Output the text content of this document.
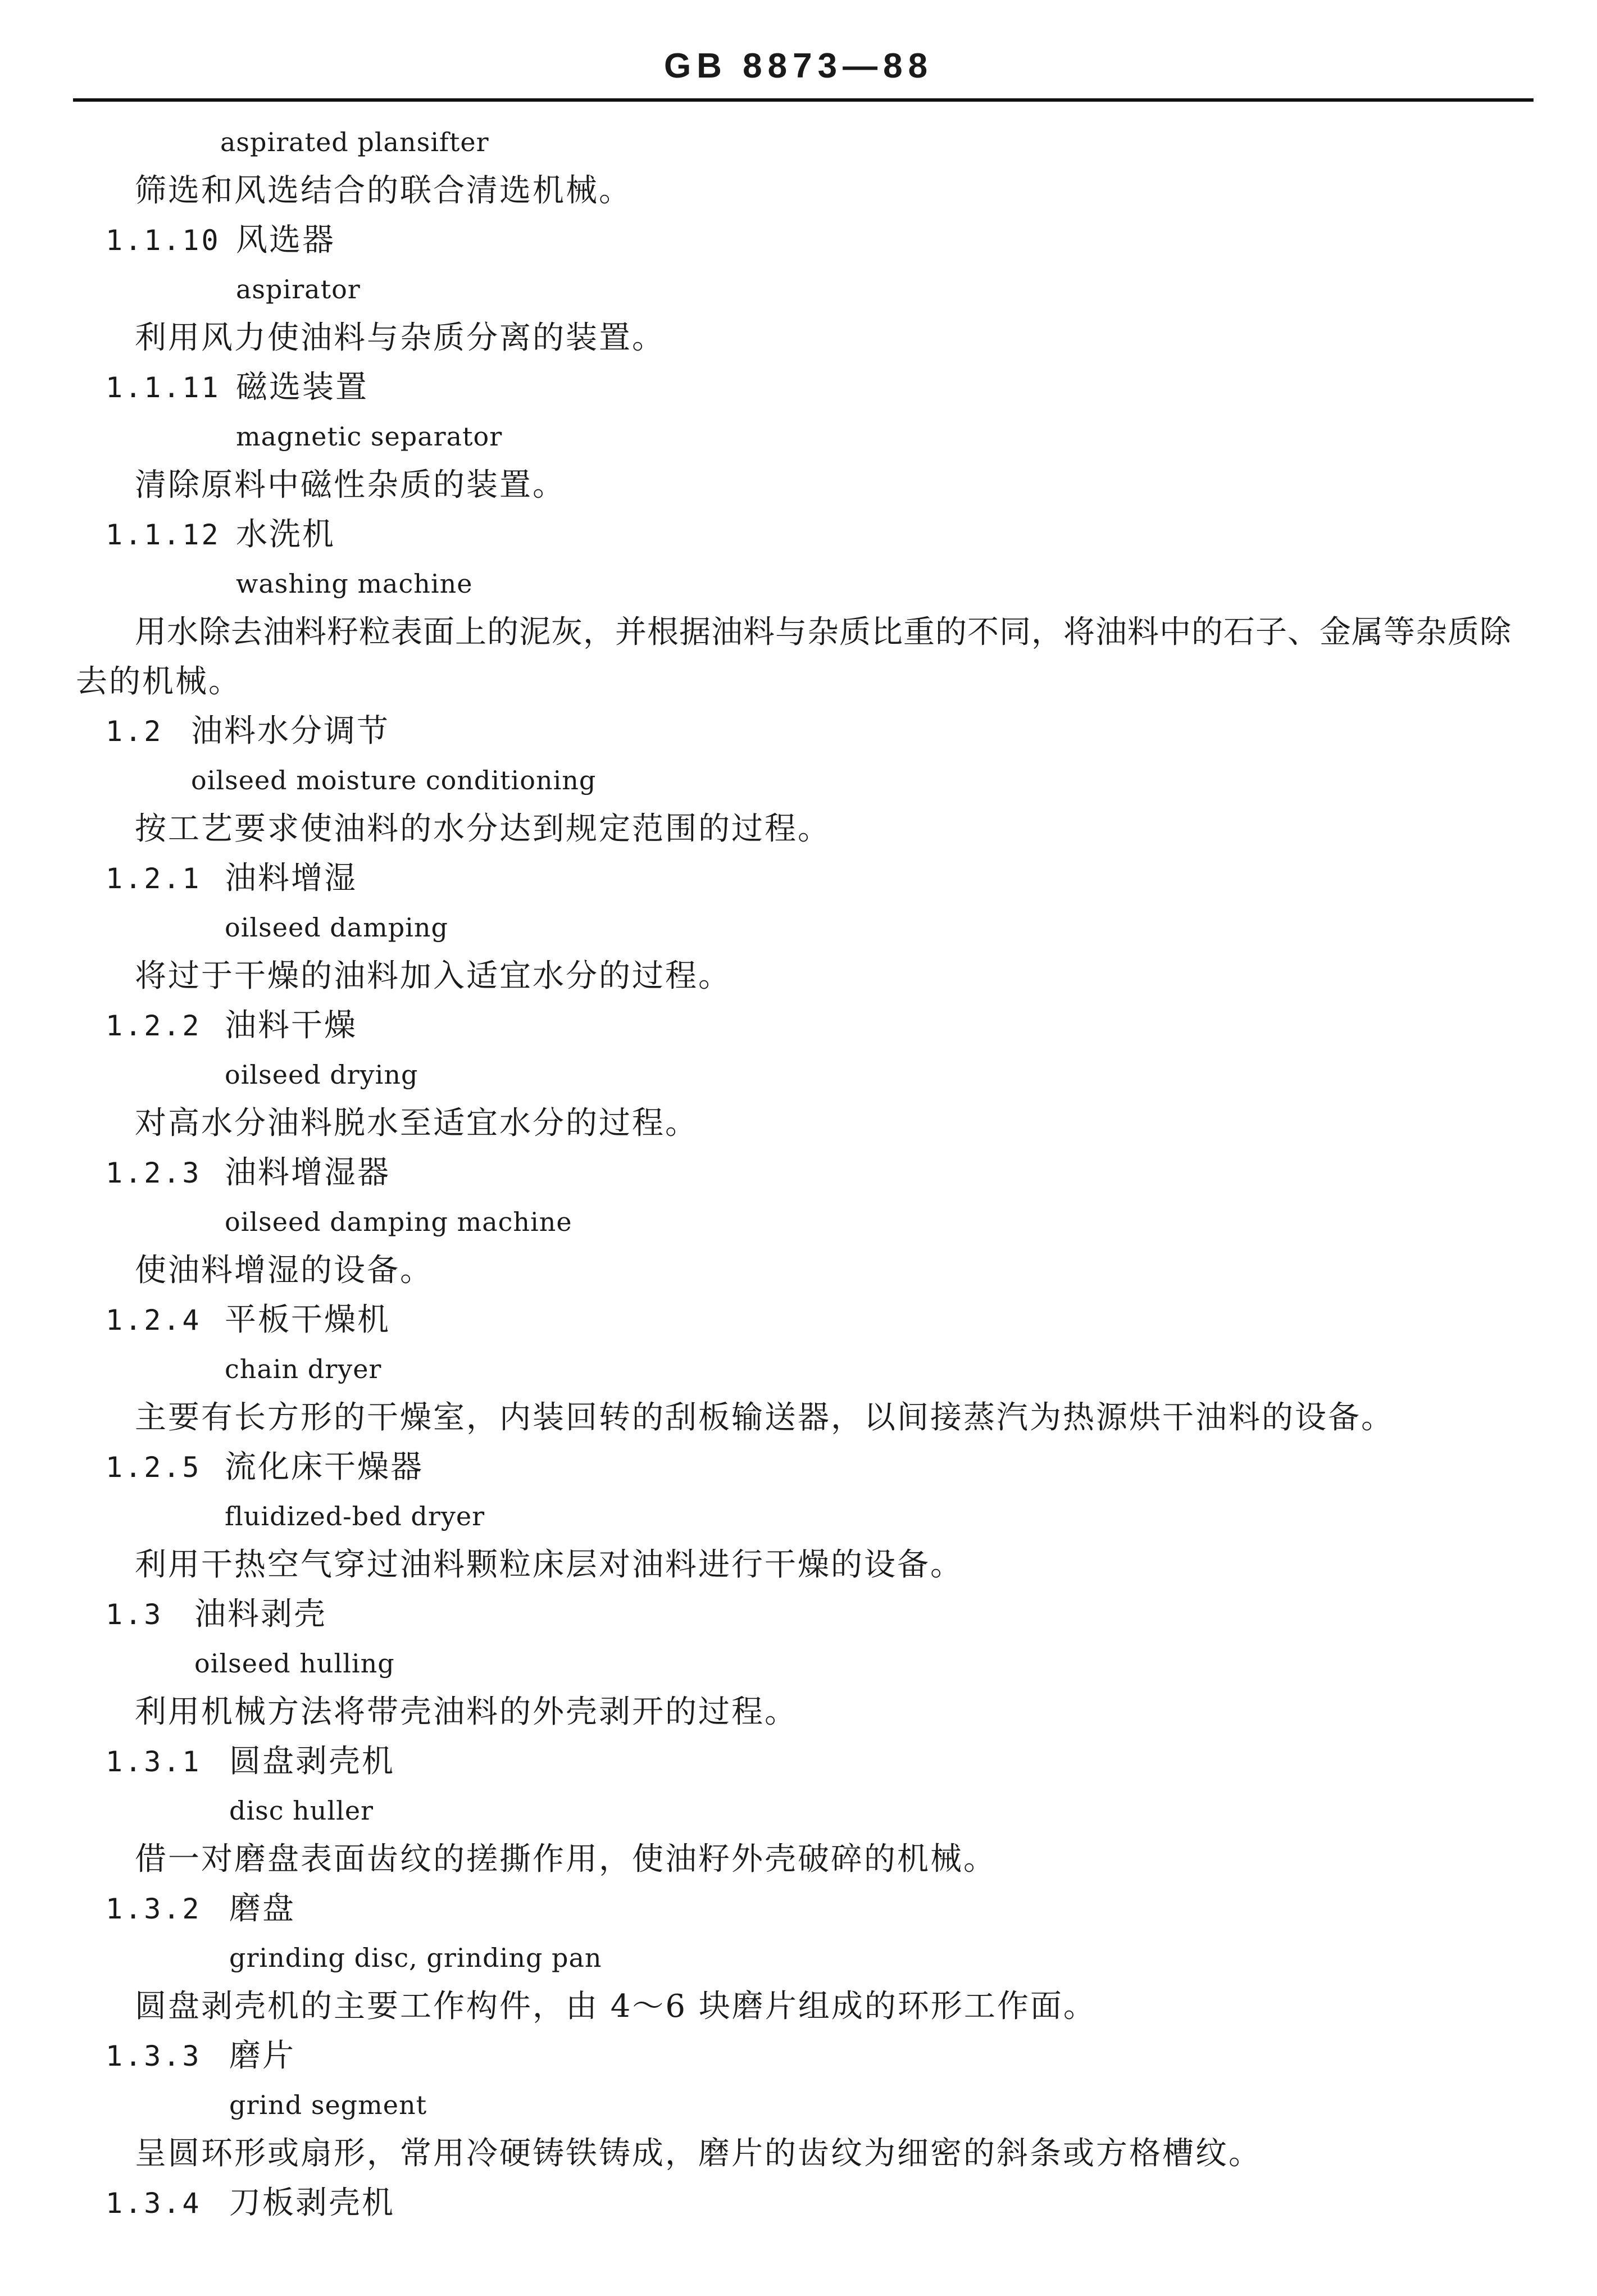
GB 8873—88
aspirated plansifter
筛选和风选结合的联合清选机械。
1.1.10 风选器
aspirator
利用风力使油料与杂质分离的装置。
1.1.11 磁选装置
magnetic separator
清除原料中磁性杂质的装置。
1.1.12 水洗机
washing machine
用水除去油料籽粒表面上的泥灰，并根据油料与杂质比重的不同，将油料中的石子、金属等杂质除
去的机械。
1.2 油料水分调节
oilseed moisture conditioning
按工艺要求使油料的水分达到规定范围的过程。
1.2.1 油料增湿
oilseed damping
将过于干燥的油料加入适宜水分的过程。
1.2.2 油料干燥
oilseed drying
对高水分油料脱水至适宜水分的过程。
1.2.3 油料增湿器
oilseed damping machine
使油料增湿的设备。
1.2.4 平板干燥机
chain dryer
主要有长方形的干燥室，内装回转的刮板输送器，以间接蒸汽为热源烘干油料的设备。
1.2.5 流化床干燥器
fluidized-bed dryer
利用干热空气穿过油料颗粒床层对油料进行干燥的设备。
1.3 油料剥壳
oilseed hulling
利用机械方法将带壳油料的外壳剥开的过程。
1.3.1 圆盘剥壳机
disc huller
借一对磨盘表面齿纹的搓撕作用，使油籽外壳破碎的机械。
1.3.2 磨盘
grinding disc, grinding pan
圆盘剥壳机的主要工作构件，由 4～6 块磨片组成的环形工作面。
1.3.3 磨片
grind segment
呈圆环形或扇形，常用冷硬铸铁铸成，磨片的齿纹为细密的斜条或方格槽纹。
1.3.4 刀板剥壳机
